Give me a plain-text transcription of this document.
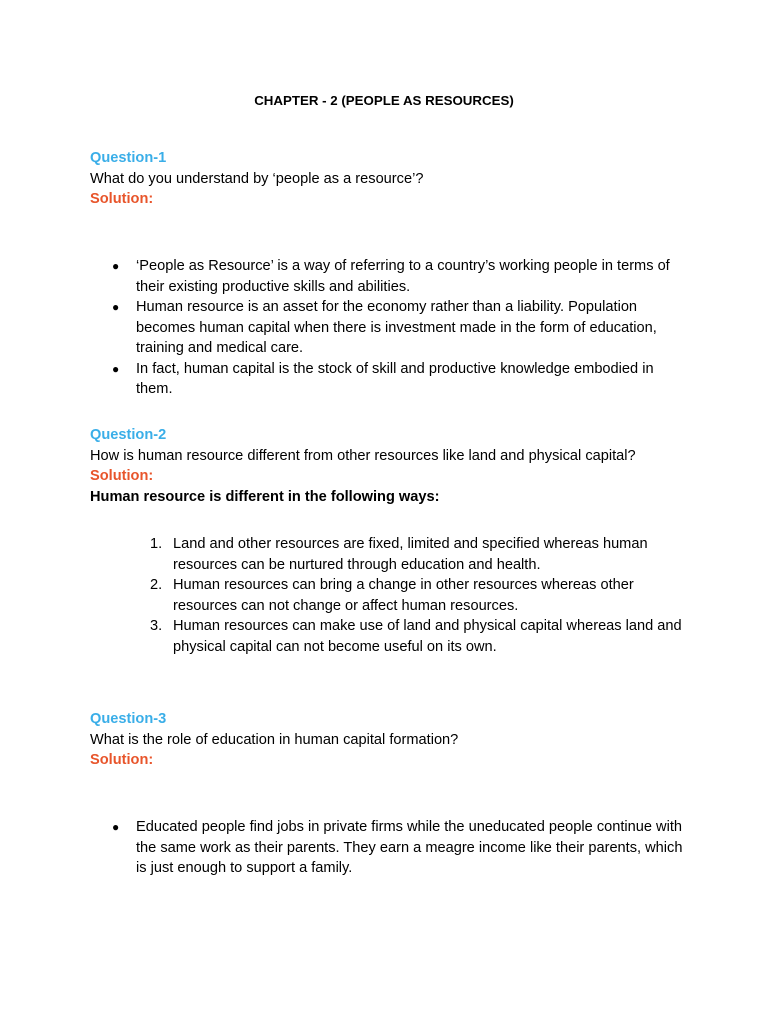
CHAPTER - 2 (PEOPLE AS RESOURCES)

Question-1

What do you understand by ‘people as a resource’?

Solution:

● ‘People as Resource’ is a way of referring to a country’s working people in terms of their existing productive skills and abilities.
● Human resource is an asset for the economy rather than a liability. Population becomes human capital when there is investment made in the form of education, training and medical care.
● In fact, human capital is the stock of skill and productive knowledge embodied in them.

Question-2

How is human resource different from other resources like land and physical capital?

Solution:

Human resource is different in the following ways:

1. Land and other resources are fixed, limited and specified whereas human resources can be nurtured through education and health.
2. Human resources can bring a change in other resources whereas other resources can not change or affect human resources.
3. Human resources can make use of land and physical capital whereas land and physical capital can not become useful on its own.

Question-3

What is the role of education in human capital formation?

Solution:

● Educated people find jobs in private firms while the uneducated people continue with the same work as their parents. They earn a meagre income like their parents, which is just enough to support a family.
